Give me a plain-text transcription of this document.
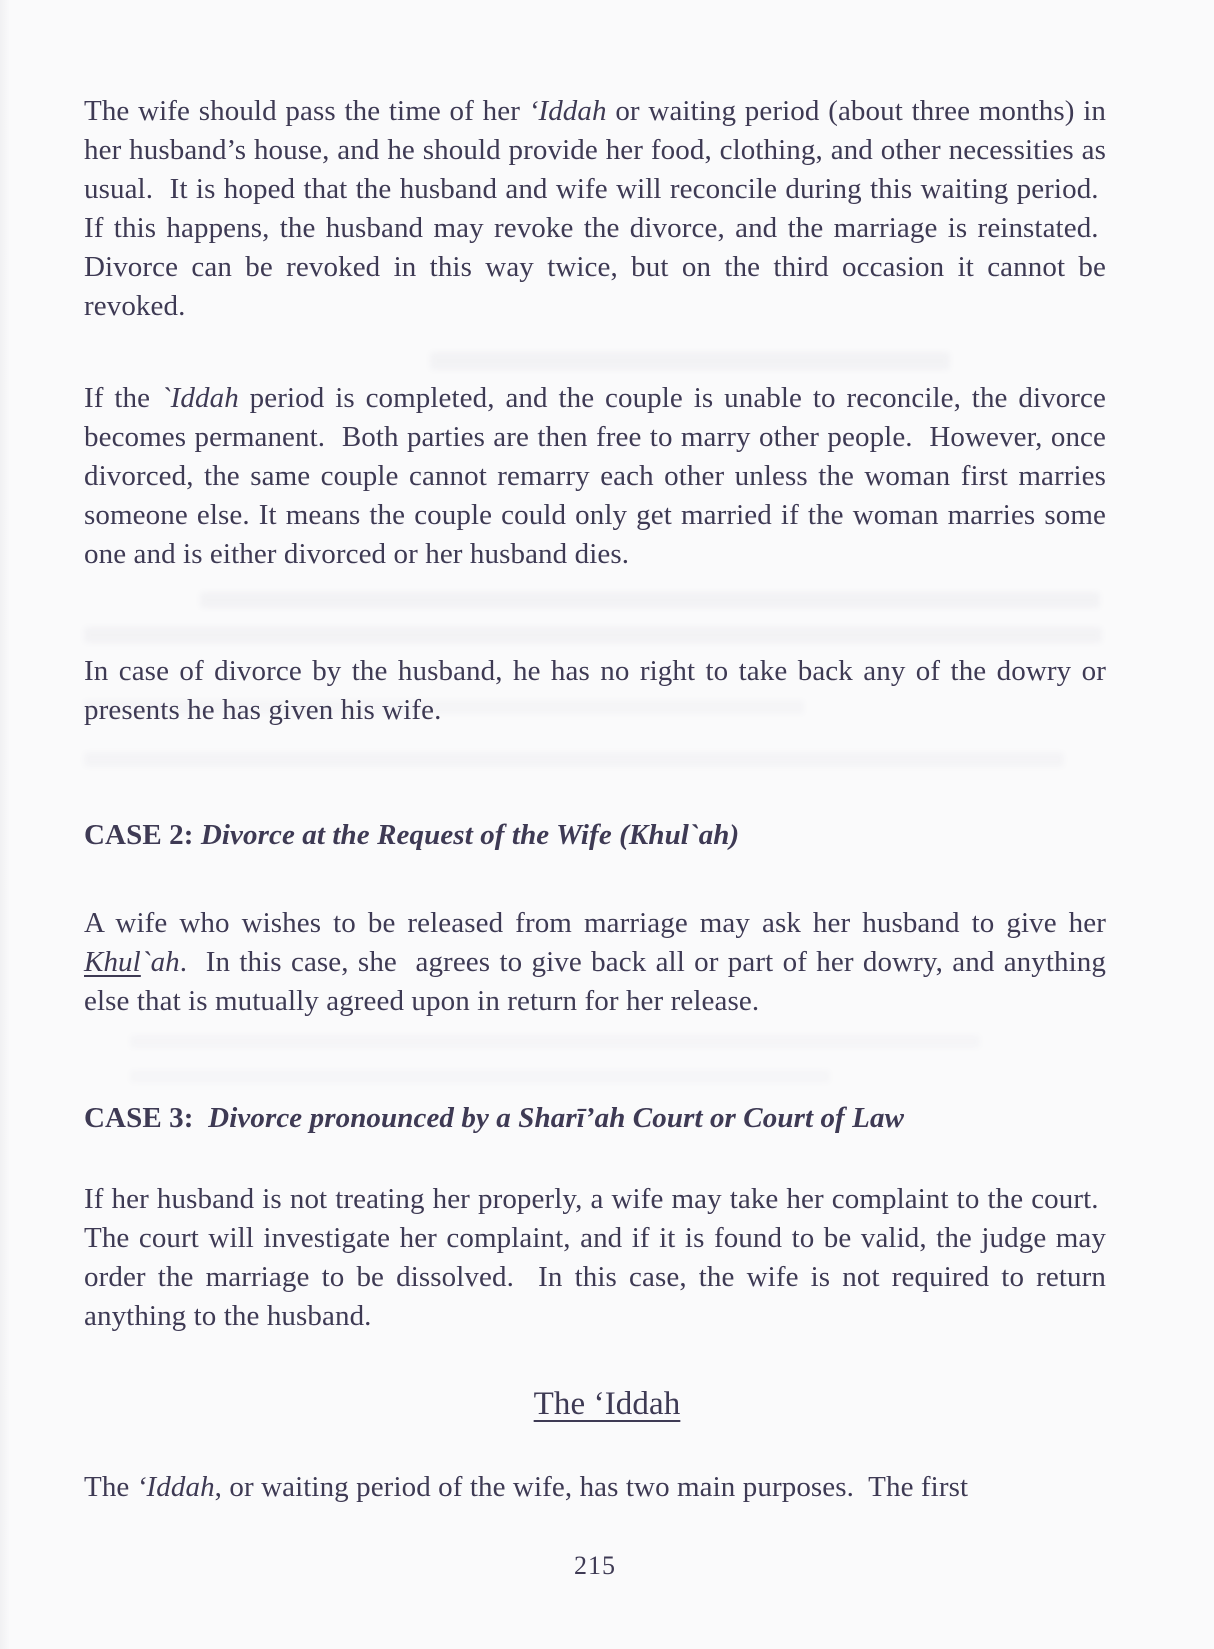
The wife should pass the time of her ‘Iddah or waiting period (about three months) in her husband’s house, and he should provide her food, clothing, and other necessities as usual.  It is hoped that the husband and wife will reconcile during this waiting period.  If this happens, the husband may revoke the divorce, and the marriage is reinstated.  Divorce can be revoked in this way twice, but on the third occasion it cannot be revoked.
If the `Iddah period is completed, and the couple is unable to reconcile, the divorce becomes permanent.  Both parties are then free to marry other people.  However, once divorced, the same couple cannot remarry each other unless the woman first marries someone else. It means the couple could only get married if the woman marries some one and is either divorced or her husband dies.
In case of divorce by the husband, he has no right to take back any of the dowry or presents he has given his wife.
CASE 2: Divorce at the Request of the Wife (Khul`ah)
A wife who wishes to be released from marriage may ask her husband to give her Khul`ah.  In this case, she  agrees to give back all or part of her dowry, and anything else that is mutually agreed upon in return for her release.
CASE 3:  Divorce pronounced by a Sharī’ah Court or Court of Law
If her husband is not treating her properly, a wife may take her complaint to the court.  The court will investigate her complaint, and if it is found to be valid, the judge may order the marriage to be dissolved.  In this case, the wife is not required to return anything to the husband.
The ‘Iddah
The ‘Iddah, or waiting period of the wife, has two main purposes.  The first
215
